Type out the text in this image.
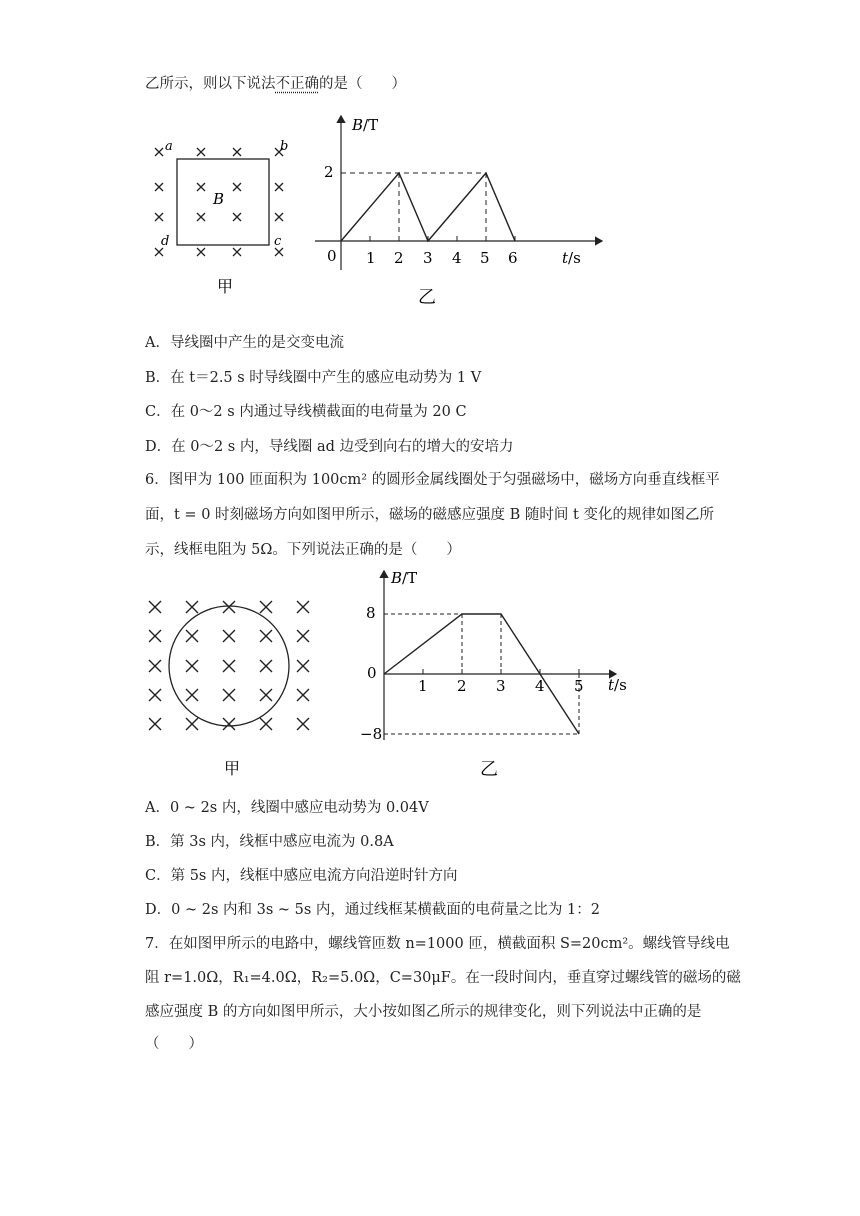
乙所示，则以下说法不正确的是（　　）
a	b
c
d
B
甲
B/T
t/s
0
2
1 2 3 4 5 6
乙
A．导线圈中产生的是交变电流
B．在 t＝2.5 s 时导线圈中产生的感应电动势为 1 V
C．在 0～2 s 内通过导线横截面的电荷量为 20 C
D．在 0～2 s 内，导线圈 ad 边受到向右的增大的安培力
6．图甲为 100 匝面积为 100cm² 的圆形金属线圈处于匀强磁场中，磁场方向垂直线框平
面，t = 0 时刻磁场方向如图甲所示，磁场的磁感应强度 B 随时间 t 变化的规律如图乙所
示，线框电阻为 5Ω。下列说法正确的是（　　）
甲
B/T
t/s
0
8
−8
1 2 3 4 5
乙
A．0 ~ 2s 内，线圈中感应电动势为 0.04V
B．第 3s 内，线框中感应电流为 0.8A
C．第 5s 内，线框中感应电流方向沿逆时针方向
D．0 ~ 2s 内和 3s ~ 5s 内，通过线框某横截面的电荷量之比为 1：2
7．在如图甲所示的电路中，螺线管匝数 n=1000 匝，横截面积 S=20cm²。螺线管导线电
阻 r=1.0Ω，R₁=4.0Ω，R₂=5.0Ω，C=30μF。在一段时间内，垂直穿过螺线管的磁场的磁
感应强度 B 的方向如图甲所示，大小按如图乙所示的规律变化，则下列说法中正确的是
（　　）
